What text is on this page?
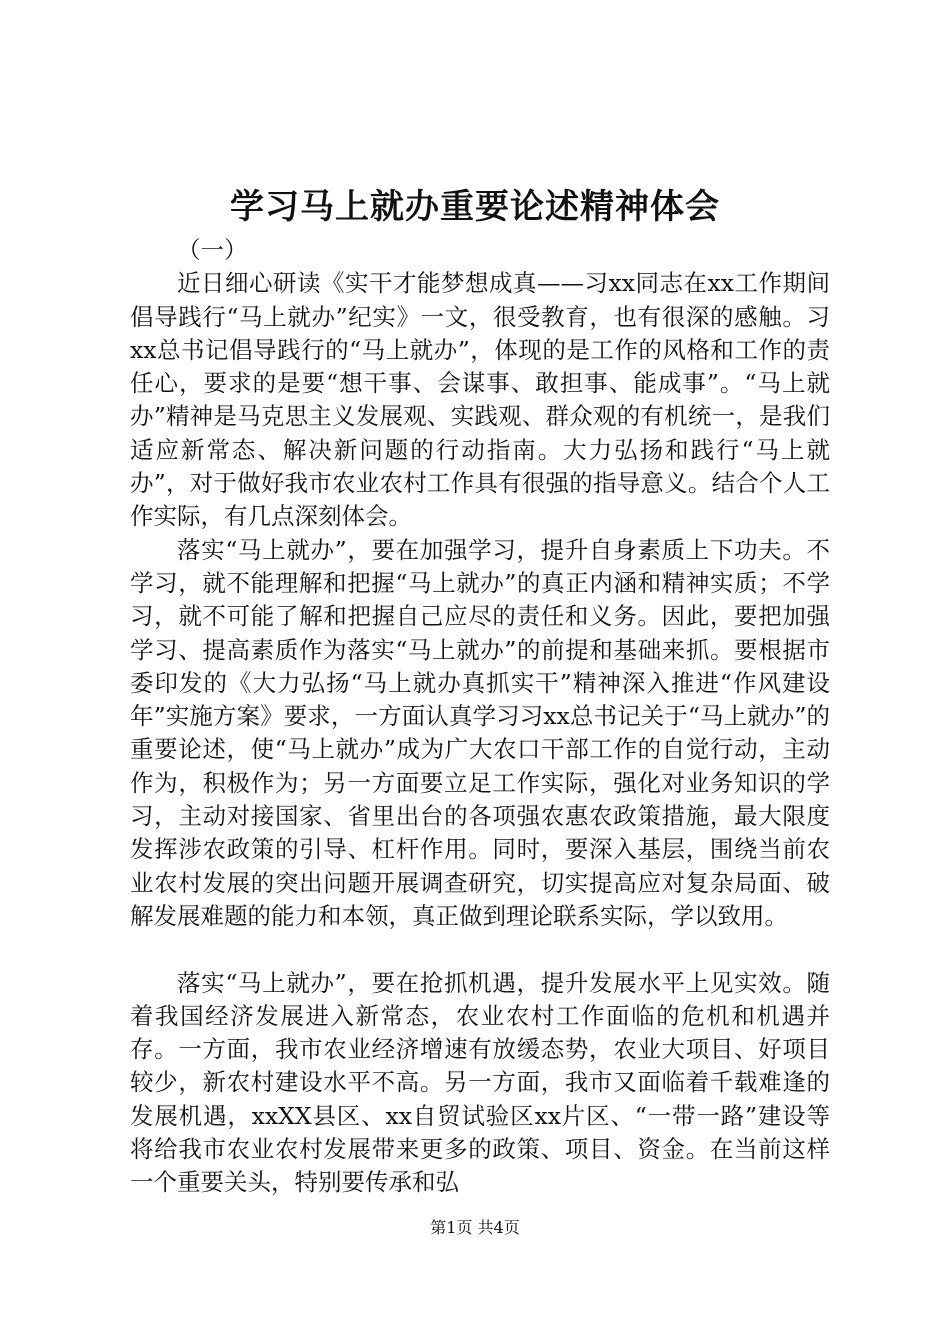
学习马上就办重要论述精神体会

（一）

近日细心研读《实干才能梦想成真——习xx同志在xx工作期间倡导践行“马上就办”纪实》一文，很受教育，也有很深的感触。习xx总书记倡导践行的“马上就办”，体现的是工作的风格和工作的责任心，要求的是要“想干事、会谋事、敢担事、能成事”。“马上就办”精神是马克思主义发展观、实践观、群众观的有机统一，是我们适应新常态、解决新问题的行动指南。大力弘扬和践行“马上就办”，对于做好我市农业农村工作具有很强的指导意义。结合个人工作实际，有几点深刻体会。

落实“马上就办”，要在加强学习，提升自身素质上下功夫。不学习，就不能理解和把握“马上就办”的真正内涵和精神实质；不学习，就不可能了解和把握自己应尽的责任和义务。因此，要把加强学习、提高素质作为落实“马上就办”的前提和基础来抓。要根据市委印发的《大力弘扬“马上就办真抓实干”精神深入推进“作风建设年”实施方案》要求，一方面认真学习习xx总书记关于“马上就办”的重要论述，使“马上就办”成为广大农口干部工作的自觉行动，主动作为，积极作为；另一方面要立足工作实际，强化对业务知识的学习，主动对接国家、省里出台的各项强农惠农政策措施，最大限度发挥涉农政策的引导、杠杆作用。同时，要深入基层，围绕当前农业农村发展的突出问题开展调查研究，切实提高应对复杂局面、破解发展难题的能力和本领，真正做到理论联系实际，学以致用。

落实“马上就办”，要在抢抓机遇，提升发展水平上见实效。随着我国经济发展进入新常态，农业农村工作面临的危机和机遇并存。一方面，我市农业经济增速有放缓态势，农业大项目、好项目较少，新农村建设水平不高。另一方面，我市又面临着千载难逢的发展机遇，xxXX县区、xx自贸试验区xx片区、“一带一路”建设等将给我市农业农村发展带来更多的政策、项目、资金。在当前这样一个重要关头，特别要传承和弘

第1页 共4页
